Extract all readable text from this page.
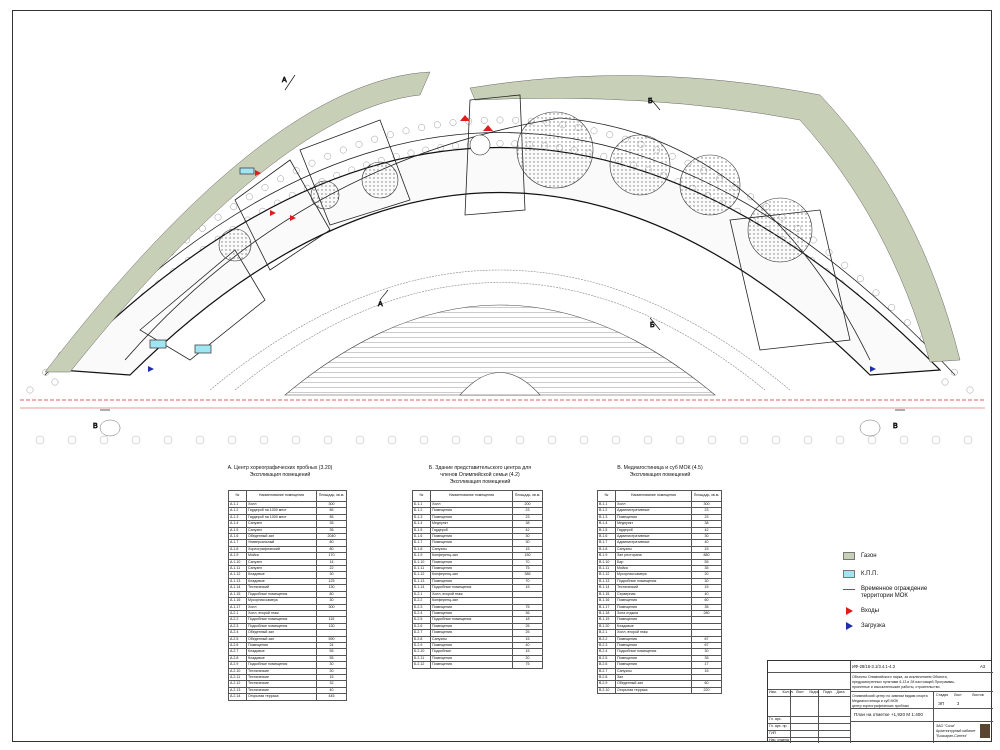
А
А
Б
Б
В	В
А. Центр хореографических пробных (3.20)
Экспликация помещений
№	Наименование помещения	Площадь, кв.м.
А.1.1	Холл	300
А.1.2	Гардероб на 1000 мест	85
А.1.3	Гардероб на 1000 мест	85
А.1.4	Санузел	35
А.1.5	Санузел	35
А.1.6	Обеденный зал	2040
А.1.7	Универсальный	80
А.1.8	Хореографический	80
А.1.9	Мойка	170
А.1.10	Санузел	14
А.1.11	Санузел	22
А.1.12	Кладовые	30
А.1.13	Кладовые	125
А.1.14	Технический	130
А.1.15	Подсобные помещения	80
А.1.16	Мусорная камера	30
А.1.17	Холл	300
А.2.1	Холл, второй этаж	
А.2.2	Подсобные помещения	115
А.2.3	Подсобные помещения	130
А.2.4	Обеденный зал	
А.2.5	Обеденный зал	590
А.2.6	Помещения	24
А.2.7	Кладовые	55
А.2.8	Кладовые	55
А.2.9	Подсобные помещения	30
А.2.10	Технические	30
А.2.11	Технические	15
А.2.12	Технические	32
А.2.13	Технические	40
А.2.14	Открытая терраса	445
Б. Здание представительского центра для
членов Олимпийской семьи (4.2)
Экспликация помещений
№	Наименование помещения	Площадь, кв.м.
Б.1.1	Холл	200
Б.1.2	Помещения	23
Б.1.3	Помещения	23
Б.1.4	Медпункт	38
Б.1.5	Гардероб	42
Б.1.6	Помещения	30
Б.1.7	Помещения	30
Б.1.8	Санузлы	15
Б.1.9	Конференц-зал	150
Б.1.10	Помещения	70
Б.1.11	Помещения	75
Б.1.12	Конференц-зал	385
Б.1.13	Помещения	70
Б.1.14	Подсобные помещения	15
Б.2.1	Холл, второй этаж	
Б.2.2	Конференц-зал	
Б.2.3	Помещения	75
Б.2.4	Помещения	36
Б.2.5	Подсобные помещения	18
Б.2.6	Помещения	25
Б.2.7	Помещения	25
Б.2.8	Санузлы	15
Б.2.9	Помещения	40
Б.2.10	Подсобные	15
Б.2.11	Помещения	20
Б.2.12	Помещения	75
В. Медиагостиница и суб МОК (4.5)
Экспликация помещений
№	Наименование помещения	Площадь, кв.м.
В.1.1	Холл	300
В.1.2	Административные	23
В.1.3	Помещения	23
В.1.4	Медпункт	38
В.1.5	Гардероб	42
В.1.6	Административные	30
В.1.7	Административные	40
В.1.8	Санузлы	15
В.1.9	Зал ресторана	880
В.1.10	Бар	55
В.1.11	Мойка	35
В.1.12	Мусорная камера	20
В.1.13	Подсобные помещения	30
В.1.14	Технический	15
В.1.15	Серверная	40
В.1.16	Помещения	60
В.1.17	Помещения	35
В.1.18	Зона отдыха	280
В.1.19	Помещения	
В.1.20	Кладовые	
В.2.1	Холл, второй этаж	
В.2.2	Помещения	67
В.2.3	Помещения	67
В.2.4	Подсобные помещения	30
В.2.5	Помещения	35
В.2.6	Помещения	17
В.2.7	Санузлы	15
В.2.8	Зал	
В.2.9	Обеденный зал	60
В.2.10	Открытая терраса	220
Газон
К.П.П.
Временное ограждение
территории МОК
Входы
Загрузка
ИФ-28/16-3.1/3.4.1-4.3	А3
Изм.	Кол.уч Лист	№док	Подп.	Дата
Объекты Олимпийского парка, за исключением Объекта,
предусмотренных пунктами 6.13 и 28 настоящей Программы,
проектные и изыскательские работы, строительство
Олимпийский центр по зимним видам спорта
Медиагостиница и суб МОК
центр хореографических пробных
Стадия Лист	Листов
ЭП	3
План на отметке +1,920 М 1:400
ЗАО "Сочи"
Архитектурный кабинет
"Боскарин-Синтез"
Гл. арх.
Гл. арх. пр.
ГИП
Нач. отдела
